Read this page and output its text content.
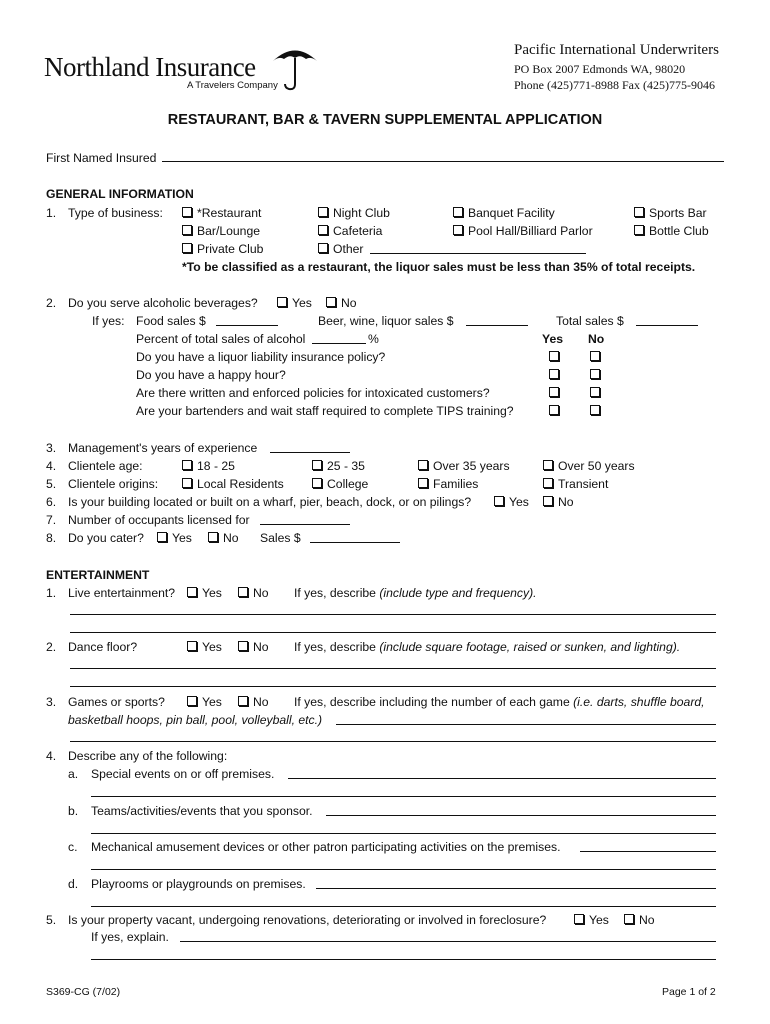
Northland Insurance
A Travelers Company
Pacific International Underwriters
PO Box 2007 Edmonds WA, 98020
Phone (425)771-8988 Fax (425)775-9046
RESTAURANT, BAR & TAVERN SUPPLEMENTAL APPLICATION
First Named Insured
GENERAL INFORMATION
1. Type of business:	*Restaurant	Night Club	Banquet Facility	Sports Bar
Bar/Lounge	Cafeteria	Pool Hall/Billiard Parlor	Bottle Club
Private Club	Other
*To be classified as a restaurant, the liquor sales must be less than 35% of total receipts.
2. Do you serve alcoholic beverages?	Yes	No
If yes: Food sales $	Beer, wine, liquor sales $	Total sales $
Percent of total sales of alcohol	%	Yes No
Do you have a liquor liability insurance policy?
Do you have a happy hour?
Are there written and enforced policies for intoxicated customers?
Are your bartenders and wait staff required to complete TIPS training?
3. Management's years of experience
4. Clientele age:	18 - 25	25 - 35	Over 35 years	Over 50 years
5. Clientele origins:	Local Residents	College	Families	Transient
6. Is your building located or built on a wharf, pier, beach, dock, or on pilings?	Yes	No
7. Number of occupants licensed for
8. Do you cater?	Yes	No Sales $
ENTERTAINMENT
1. Live entertainment?	Yes	No If yes, describe (include type and frequency).
2. Dance floor?	Yes	No If yes, describe (include square footage, raised or sunken, and lighting).
3. Games or sports?	Yes	No If yes, describe including the number of each game (i.e. darts, shuffle board,
basketball hoops, pin ball, pool, volleyball, etc.)
4. Describe any of the following:
a. Special events on or off premises.
b. Teams/activities/events that you sponsor.
c. Mechanical amusement devices or other patron participating activities on the premises.
d. Playrooms or playgrounds on premises.
5. Is your property vacant, undergoing renovations, deteriorating or involved in foreclosure?	Yes	No
If yes, explain.
S369-CG (7/02)	Page 1 of 2
